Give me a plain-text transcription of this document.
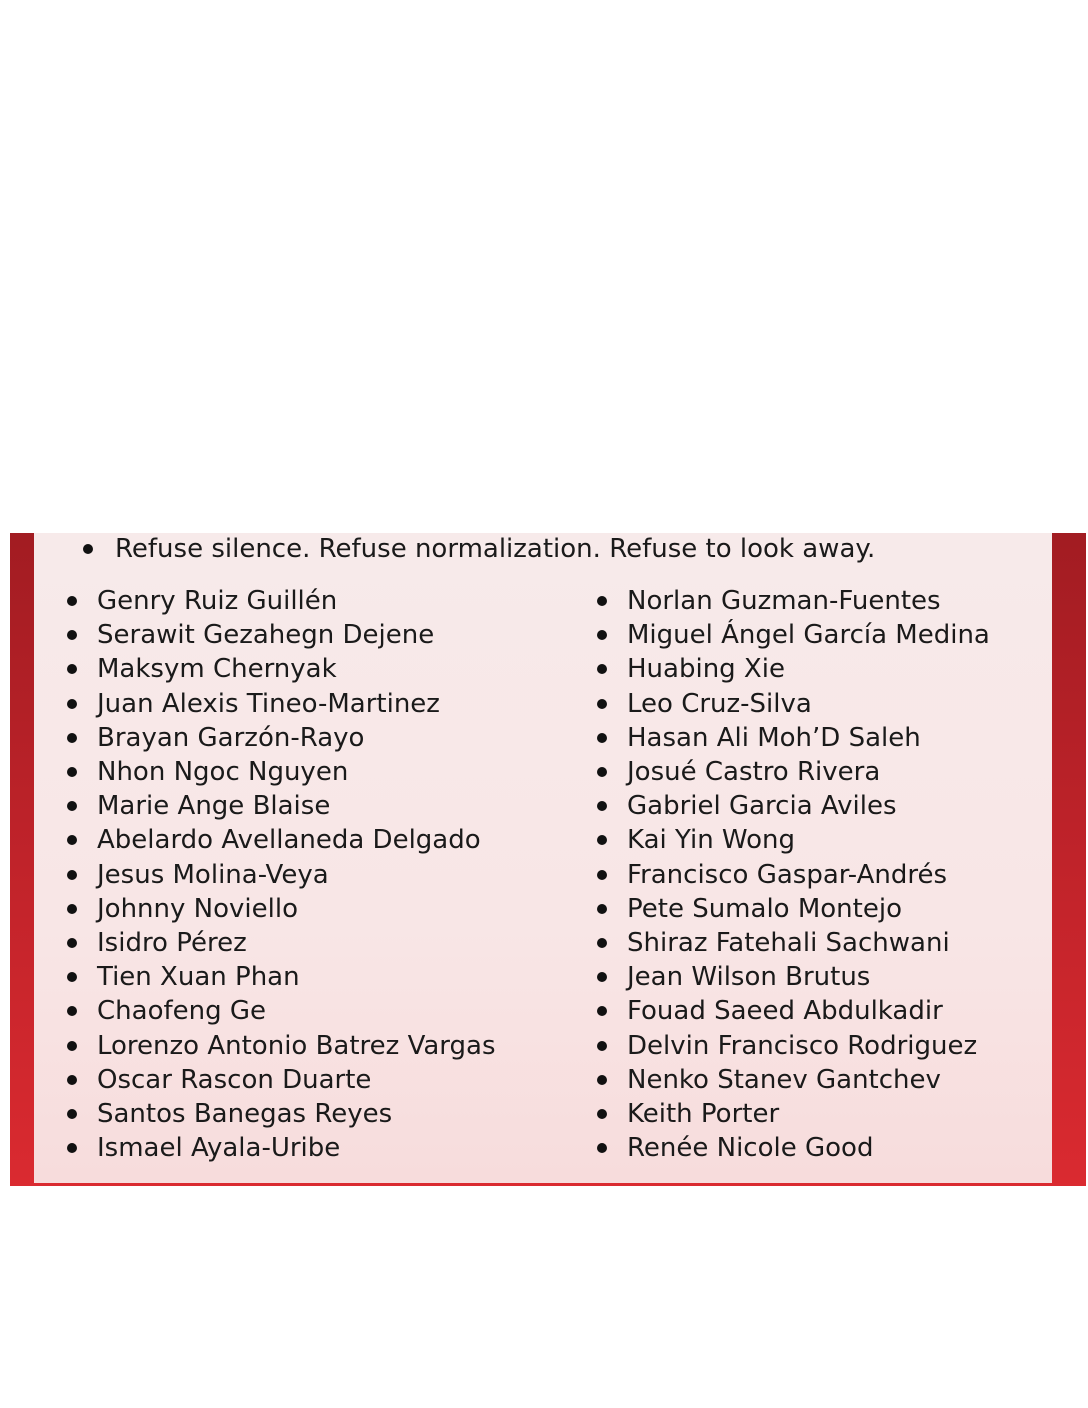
Refuse silence. Refuse normalization. Refuse to look away.
Genry Ruiz Guillén
Serawit Gezahegn Dejene
Maksym Chernyak
Juan Alexis Tineo-Martinez
Brayan Garzón-Rayo
Nhon Ngoc Nguyen
Marie Ange Blaise
Abelardo Avellaneda Delgado
Jesus Molina-Veya
Johnny Noviello
Isidro Pérez
Tien Xuan Phan
Chaofeng Ge
Lorenzo Antonio Batrez Vargas
Oscar Rascon Duarte
Santos Banegas Reyes
Ismael Ayala-Uribe
Norlan Guzman-Fuentes
Miguel Ángel García Medina
Huabing Xie
Leo Cruz-Silva
Hasan Ali Moh’D Saleh
Josué Castro Rivera
Gabriel Garcia Aviles
Kai Yin Wong
Francisco Gaspar-Andrés
Pete Sumalo Montejo
Shiraz Fatehali Sachwani
Jean Wilson Brutus
Fouad Saeed Abdulkadir
Delvin Francisco Rodriguez
Nenko Stanev Gantchev
Keith Porter
Renée Nicole Good
